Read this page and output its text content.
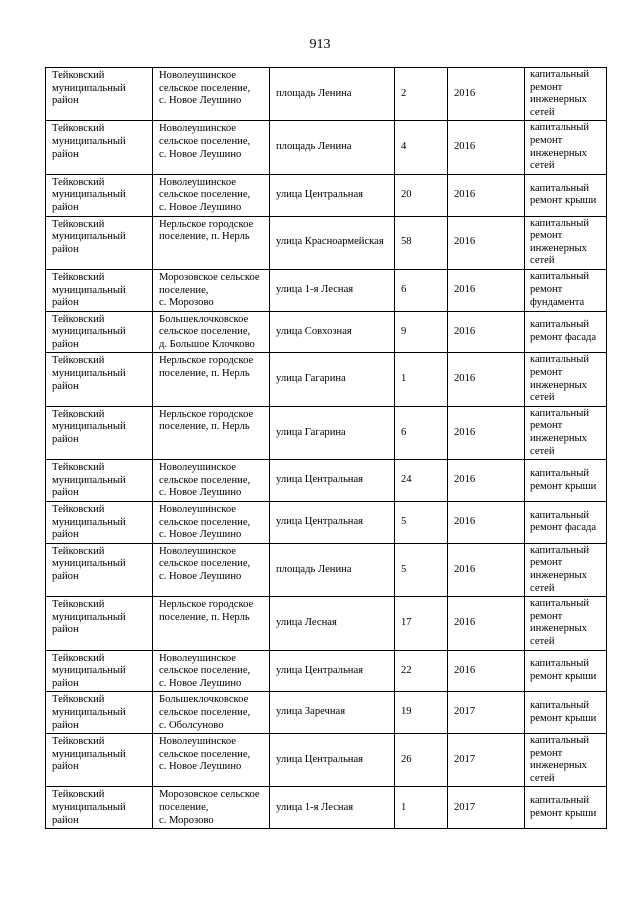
913
Тейковский
муниципальный
район	Новолеушинское
сельское поселение,
с. Новое Леушино	площадь Ленина	2	2016	капитальный
ремонт
инженерных
сетей

Тейковский
муниципальный
район	Новолеушинское
сельское поселение,
с. Новое Леушино	площадь Ленина	4	2016	капитальный
ремонт
инженерных
сетей

Тейковский
муниципальный
район	Новолеушинское
сельское поселение,
с. Новое Леушино	улица Центральная	20	2016	капитальный
ремонт крыши

Тейковский
муниципальный
район	Нерльское городское
поселение, п. Нерль	улица Красноармейская	58	2016	капитальный
ремонт
инженерных
сетей

Тейковский
муниципальный
район	Морозовское сельское
поселение,
с. Морозово	улица 1-я Лесная	6	2016	капитальный
ремонт
фундамента

Тейковский
муниципальный
район	Большеклочковское
сельское поселение,
д. Большое Клочково	улица Совхозная	9	2016	капитальный
ремонт фасада

Тейковский
муниципальный
район	Нерльское городское
поселение, п. Нерль	улица Гагарина	1	2016	капитальный
ремонт
инженерных
сетей

Тейковский
муниципальный
район	Нерльское городское
поселение, п. Нерль	улица Гагарина	6	2016	капитальный
ремонт
инженерных
сетей

Тейковский
муниципальный
район	Новолеушинское
сельское поселение,
с. Новое Леушино	улица Центральная	24	2016	капитальный
ремонт крыши

Тейковский
муниципальный
район	Новолеушинское
сельское поселение,
с. Новое Леушино	улица Центральная	5	2016	капитальный
ремонт фасада

Тейковский
муниципальный
район	Новолеушинское
сельское поселение,
с. Новое Леушино	площадь Ленина	5	2016	капитальный
ремонт
инженерных
сетей

Тейковский
муниципальный
район	Нерльское городское
поселение, п. Нерль	улица Лесная	17	2016	капитальный
ремонт
инженерных
сетей

Тейковский
муниципальный
район	Новолеушинское
сельское поселение,
с. Новое Леушино	улица Центральная	22	2016	капитальный
ремонт крыши

Тейковский
муниципальный
район	Большеклочковское
сельское поселение,
с. Оболсуново	улица Заречная	19	2017	капитальный
ремонт крыши

Тейковский
муниципальный
район	Новолеушинское
сельское поселение,
с. Новое Леушино	улица Центральная	26	2017	капитальный
ремонт
инженерных
сетей

Тейковский
муниципальный
район	Морозовское сельское
поселение,
с. Морозово	улица 1-я Лесная	1	2017	капитальный
ремонт крыши
